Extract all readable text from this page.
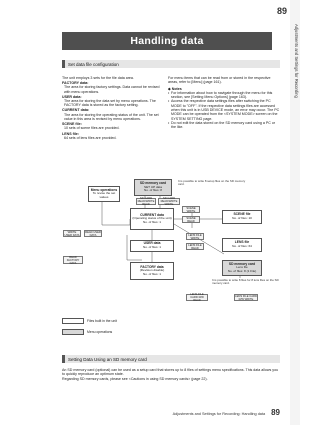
Adjustments and Settings for Recording
89
Handling data
Set data file configuration
The unit employs 3 sets for the file data area.
FACTORY data:
The area for storing factory settings. Data cannot be revised with menu operations.
USER data:
The area for storing the data set by menu operations. The FACTORY data is stored as the factory setting.
CURRENT data:
The area for storing the operating status of the unit. The set value in this area is revised by menu operations.
SCENE file:
10 sets of scene files are provided.
LENS file:
64 sets of lens files are provided.
For menu items that can be read from or stored in the respective areas, refer to [Menu] (page 161).
◆ Notes
• For information about how to navigate through the menu for this section, see [Setting Menu Options] (page 163).
• Access the respective data settings files after switching the PC MODE to "OFF". If the respective data settings files are accessed when this unit is in USB DEVICE mode, an error may occur. The PC MODE can be operated from the <SYSTEM MODE> screen on the SYSTEM SETTING page.
• Do not edit the data stored on the SD memory card using a PC or the like.
SD memory card
SET UP data
No. of files: 8
It is possible to write 8 setup files on the SD memory card.
Menu operations
To revise the set
values	SD CARD READ/WRITE READ
SD CARD READ/WRITE WRITE
CURRENT data
(Operating status of the unit)
No. of files: 1
SCENE WRITE
SCENE READ
SCENE file
No. of files: 10
WRITE USER DATA
READ USER DATA
USER data
No. of files: 1
LENS FILE WRITE
LENS FILE READ
LENS file
No. of files: 64
READ FACTORY DATA
FACTORY data
(Revision disable)
No. of files: 1
SD memory card
Lens file
No. of files: 8 (1 File)
It is possible to write 8 files for 8 lens files on the SD memory card.
LENS FILE CARD R/W READ
LENS FILE CARD R/W WRITE
Files built in the unit
Menu operations
Setting Data Using an SD memory card
An SD memory card (optional) can be used as a setup card that stores up to 8 files of settings menu specifications. This data allows you to quickly reproduce an optimum state.
Regarding SD memory cards, please see <Cautions in using SD memory cards> (page 22).
Adjustments and Settings for Recording: Handling data 89
